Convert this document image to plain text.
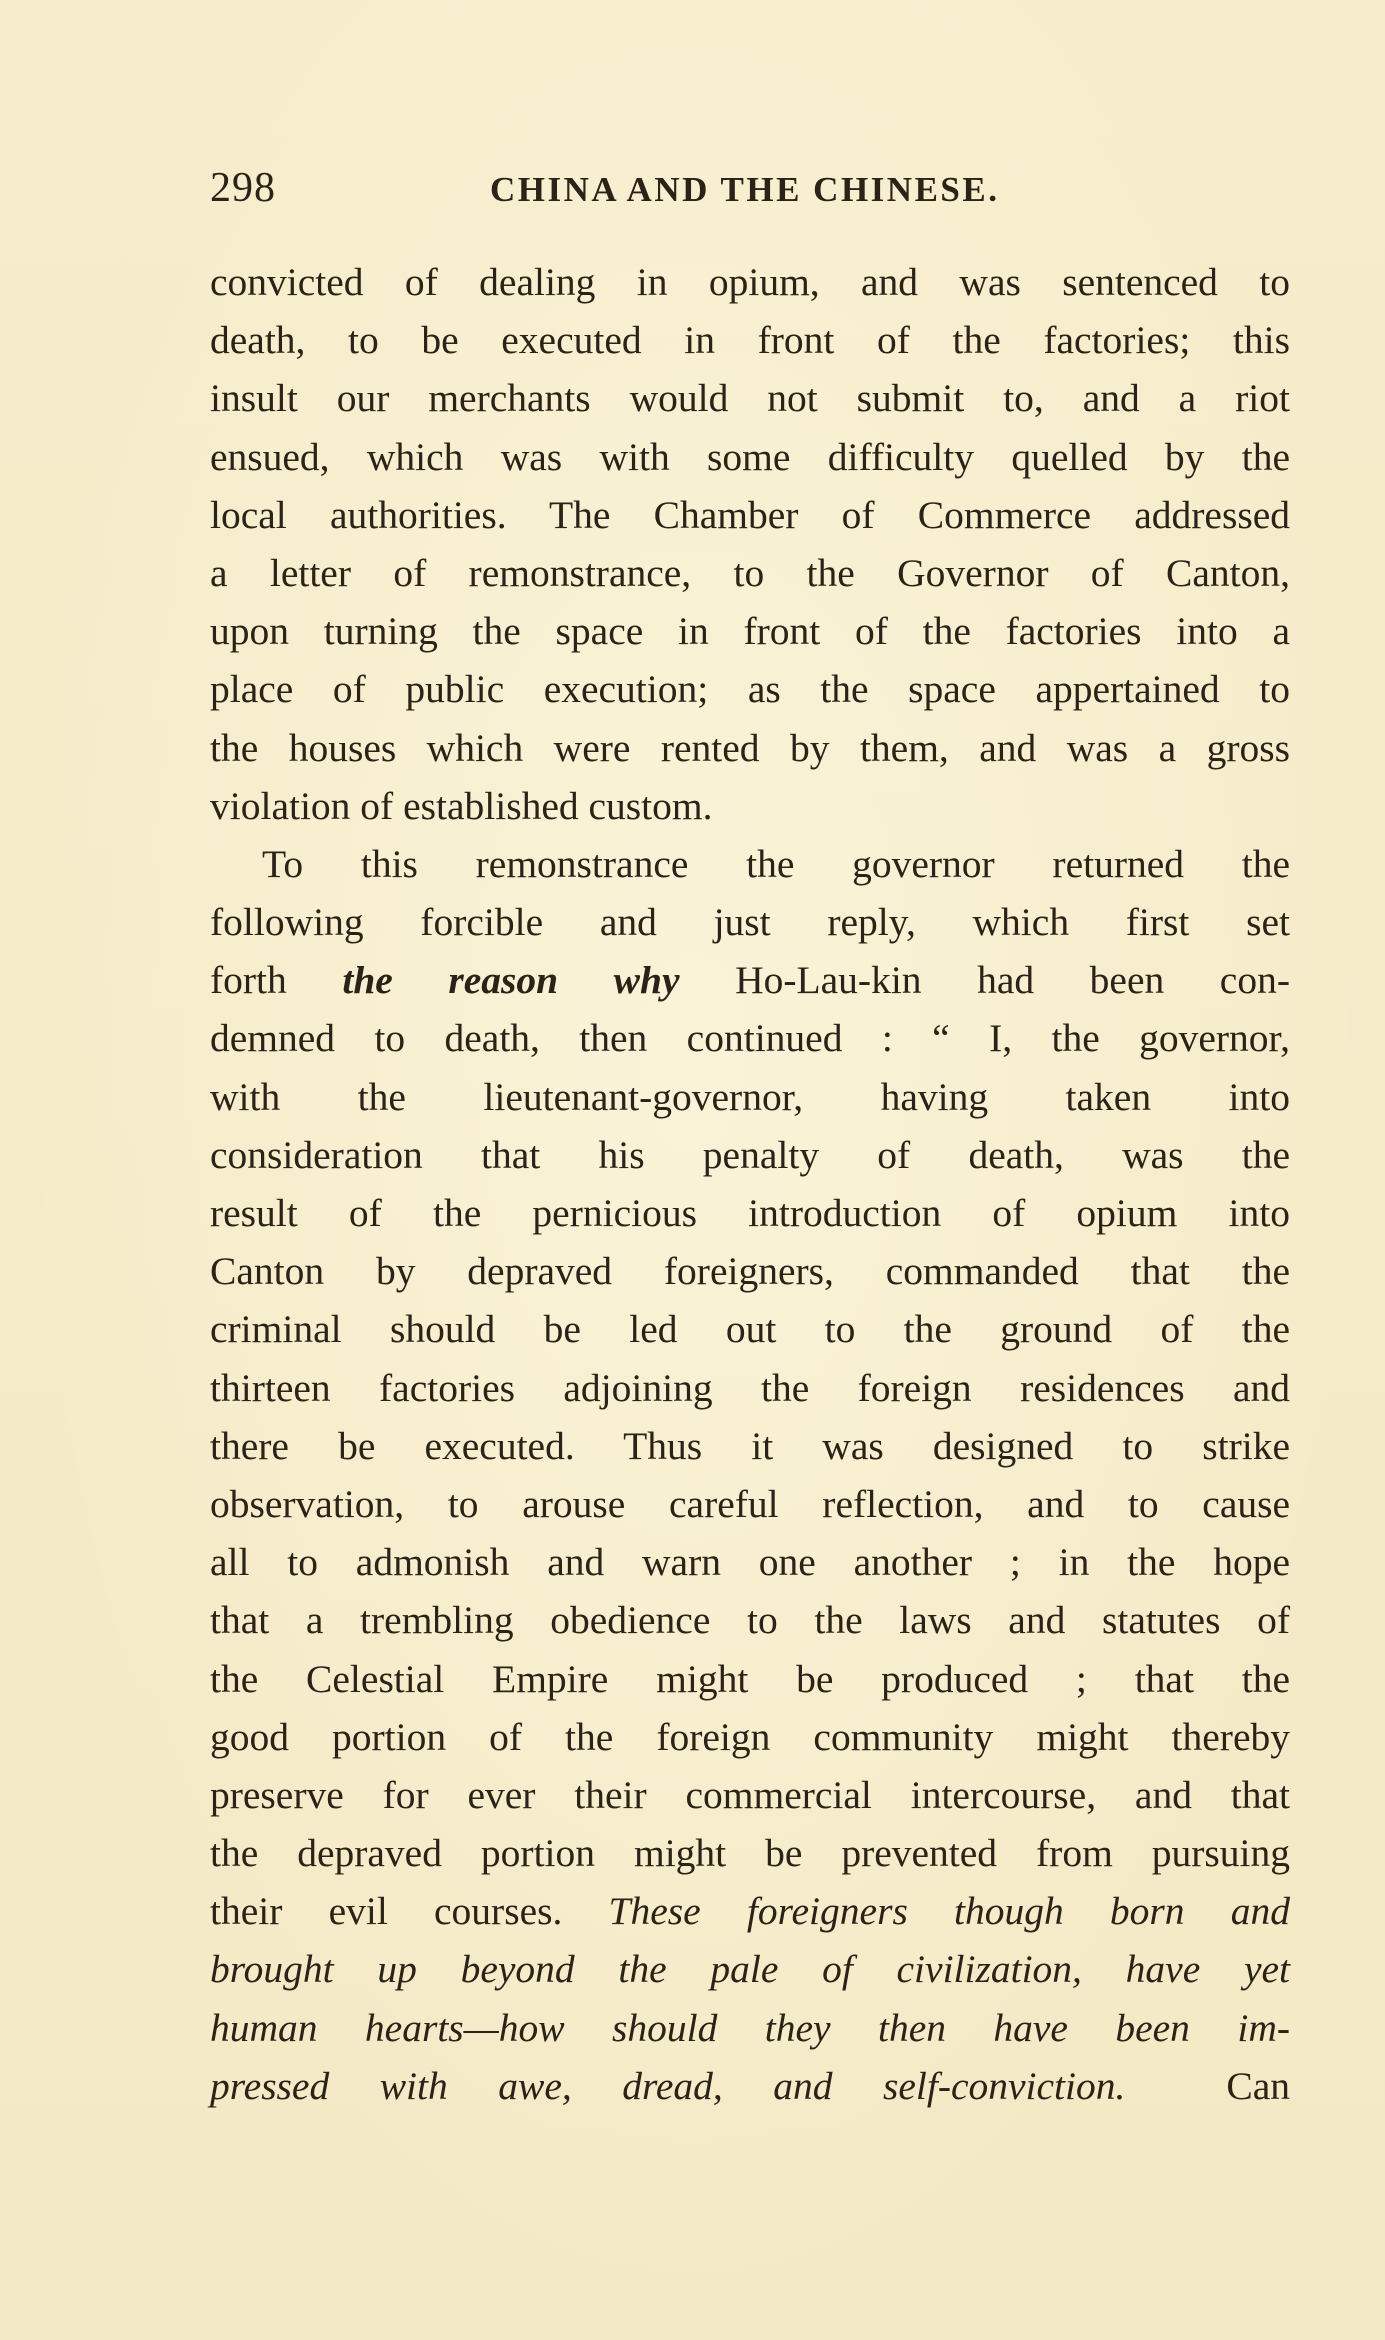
298	CHINA AND THE CHINESE.
convicted of dealing in opium, and was sentenced to
death, to be executed in front of the factories; this
insult our merchants would not submit to, and a riot
ensued, which was with some difficulty quelled by the
local authorities. The Chamber of Commerce addressed
a letter of remonstrance, to the Governor of Canton,
upon turning the space in front of the factories into a
place of public execution; as the space appertained to
the houses which were rented by them, and was a gross
violation of established custom.
To this remonstrance the governor returned the
following forcible and just reply, which first set
forth the reason why Ho-Lau-kin had been con-
demned to death, then continued : “ I, the governor,
with the lieutenant-governor, having taken into
consideration that his penalty of death, was the
result of the pernicious introduction of opium into
Canton by depraved foreigners, commanded that the
criminal should be led out to the ground of the
thirteen factories adjoining the foreign residences and
there be executed. Thus it was designed to strike
observation, to arouse careful reflection, and to cause
all to admonish and warn one another ; in the hope
that a trembling obedience to the laws and statutes of
the Celestial Empire might be produced ; that the
good portion of the foreign community might thereby
preserve for ever their commercial intercourse, and that
the depraved portion might be prevented from pursuing
their evil courses. These foreigners though born and
brought up beyond the pale of civilization, have yet
human hearts—how should they then have been im-
pressed with awe, dread, and self-conviction.  Can
